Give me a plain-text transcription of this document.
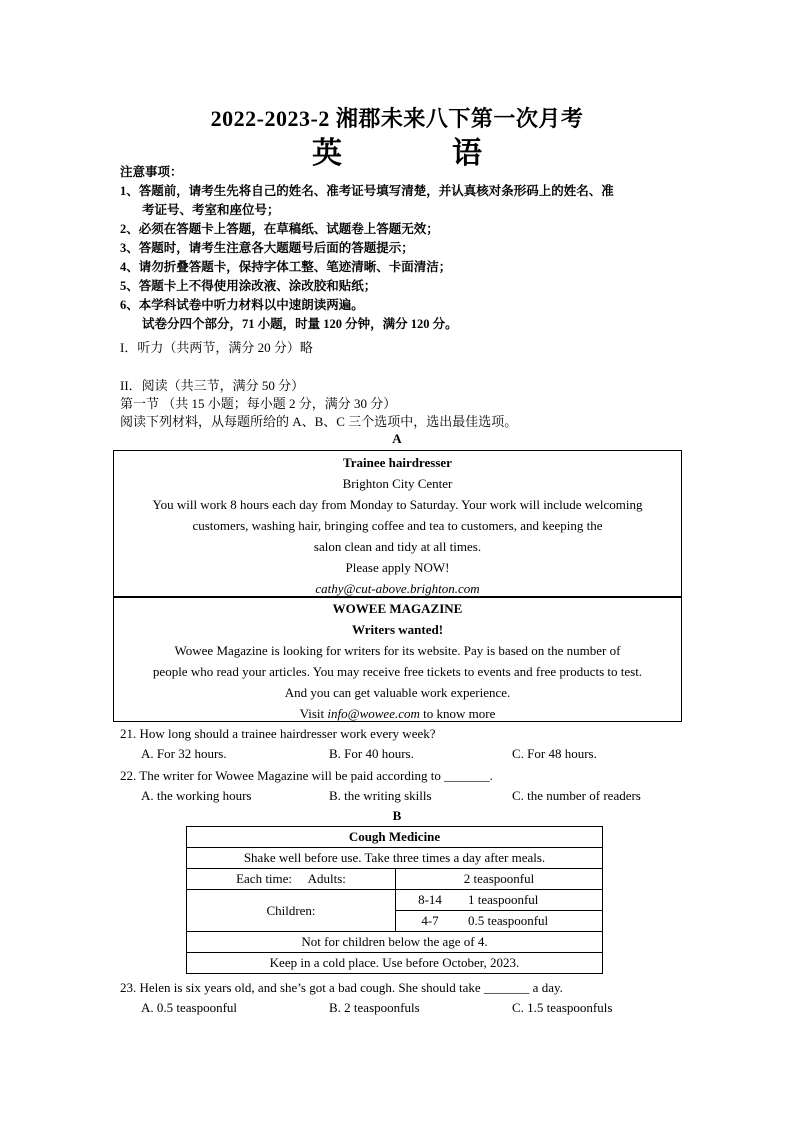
2022-2023-2 湘郡未来八下第一次月考
英　语
注意事项：
1、答题前，请考生先将自己的姓名、准考证号填写清楚，并认真核对条形码上的姓名、准
考证号、考室和座位号；
2、必须在答题卡上答题，在草稿纸、试题卷上答题无效；
3、答题时，请考生注意各大题题号后面的答题提示；
4、请勿折叠答题卡，保持字体工整、笔迹清晰、卡面清洁；
5、答题卡上不得使用涂改液、涂改胶和贴纸；
6、本学科试卷中听力材料以中速朗读两遍。
试卷分四个部分，71 小题，时量 120 分钟，满分 120 分。
I．听力（共两节，满分 20 分）略
II．阅读（共三节，满分 50 分）
第一节 （共 15 小题；每小题 2 分，满分 30 分）
阅读下列材料，从每题所给的 A、B、C 三个选项中，选出最佳选项。
A
Trainee hairdresser
Brighton City Center
You will work 8 hours each day from Monday to Saturday. Your work will include welcoming
customers, washing hair, bringing coffee and tea to customers, and keeping the
salon clean and tidy at all times.
Please apply NOW!
cathy@cut-above.brighton.com
WOWEE MAGAZINE
Writers wanted!
Wowee Magazine is looking for writers for its website. Pay is based on the number of
people who read your articles. You may receive free tickets to events and free products to test.
And you can get valuable work experience.
Visit info@wowee.com to know more
21. How long should a trainee hairdresser work every week?
A. For 32 hours.	B. For 40 hours.	C. For 48 hours.
22. The writer for Wowee Magazine will be paid according to _______.
A. the working hours	B. the writing skills	C. the number of readers
B
Cough Medicine		
Shake well before use. Take three times a day after meals.		
Each time: Adults:	2 teaspoonful	
Children:	8-14	1 teaspoonful
	4-7	0.5 teaspoonful
Not for children below the age of 4.		
Keep in a cold place. Use before October, 2023.		
23. Helen is six years old, and she’s got a bad cough. She should take _______ a day.
A. 0.5 teaspoonful	B. 2 teaspoonfuls	C. 1.5 teaspoonfuls
